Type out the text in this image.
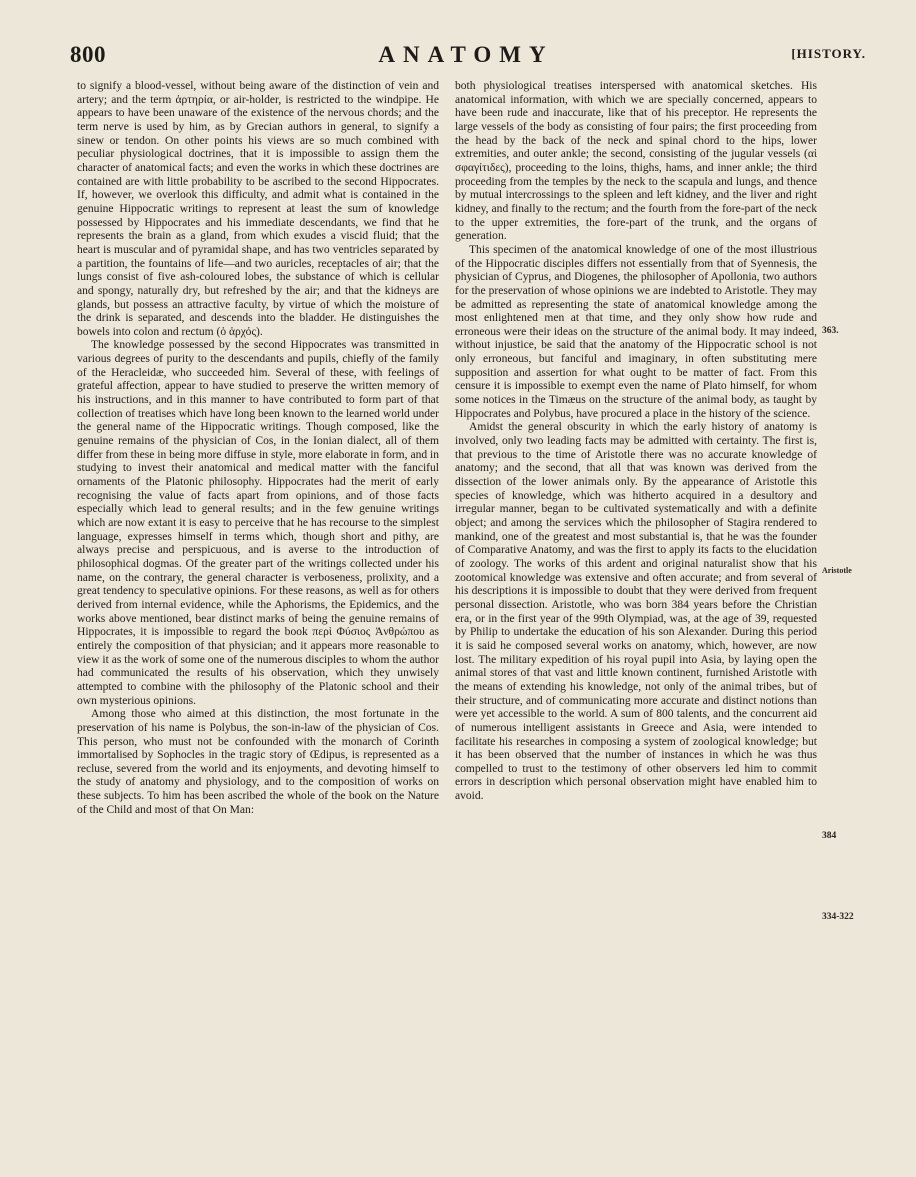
800	ANATOMY	[HISTORY.

to signify a blood-vessel, without being aware of the distinction of vein and artery; and the term ἀρτηρία, or air-holder, is restricted to the windpipe. He appears to have been unaware of the existence of the nervous chords; and the term nerve is used by him, as by Grecian authors in general, to signify a sinew or tendon. On other points his views are so much combined with peculiar physiological doctrines, that it is impossible to assign them the character of anatomical facts; and even the works in which these doctrines are contained are with little probability to be ascribed to the second Hippocrates. If, however, we overlook this difficulty, and admit what is contained in the genuine Hippocratic writings to represent at least the sum of knowledge possessed by Hippocrates and his immediate descendants, we find that he represents the brain as a gland, from which exudes a viscid fluid; that the heart is muscular and of pyramidal shape, and has two ventricles separated by a partition, the fountains of life—and two auricles, receptacles of air; that the lungs consist of five ash-coloured lobes, the substance of which is cellular and spongy, naturally dry, but refreshed by the air; and that the kidneys are glands, but possess an attractive faculty, by virtue of which the moisture of the drink is separated, and descends into the bladder. He distinguishes the bowels into colon and rectum (ὁ ἀρχός).

The knowledge possessed by the second Hippocrates was transmitted in various degrees of purity to the descendants and pupils, chiefly of the family of the Heracleidæ, who succeeded him. Several of these, with feelings of grateful affection, appear to have studied to preserve the written memory of his instructions, and in this manner to have contributed to form part of that collection of treatises which have long been known to the learned world under the general name of the Hippocratic writings. Though composed, like the genuine remains of the physician of Cos, in the Ionian dialect, all of them differ from these in being more diffuse in style, more elaborate in form, and in studying to invest their anatomical and medical matter with the fanciful ornaments of the Platonic philosophy. Hippocrates had the merit of early recognising the value of facts apart from opinions, and of those facts especially which lead to general results; and in the few genuine writings which are now extant it is easy to perceive that he has recourse to the simplest language, expresses himself in terms which, though short and pithy, are always precise and perspicuous, and is averse to the introduction of philosophical dogmas. Of the greater part of the writings collected under his name, on the contrary, the general character is verboseness, prolixity, and a great tendency to speculative opinions. For these reasons, as well as for others derived from internal evidence, while the Aphorisms, the Epidemics, and the works above mentioned, bear distinct marks of being the genuine remains of Hippocrates, it is impossible to regard the book περὶ Φύσιος Ἀνθρώπου as entirely the composition of that physician; and it appears more reasonable to view it as the work of some one of the numerous disciples to whom the author had communicated the results of his observation, which they unwisely attempted to combine with the philosophy of the Platonic school and their own mysterious opinions.

Among those who aimed at this distinction, the most fortunate in the preservation of his name is Polybus, the son-in-law of the physician of Cos. This person, who must not be confounded with the monarch of Corinth immortalised by Sophocles in the tragic story of Œdipus, is represented as a recluse, severed from the world and its enjoyments, and devoting himself to the study of anatomy and physiology, and to the composition of works on these subjects. To him has been ascribed the whole of the book on the Nature of the Child and most of that On Man:

both physiological treatises interspersed with anatomical sketches. His anatomical information, with which we are specially concerned, appears to have been rude and inaccurate, like that of his preceptor. He represents the large vessels of the body as consisting of four pairs; the first proceeding from the head by the back of the neck and spinal chord to the hips, lower extremities, and outer ankle; the second, consisting of the jugular vessels (αἱ σφαγίτιδες), proceeding to the loins, thighs, hams, and inner ankle; the third proceeding from the temples by the neck to the scapula and lungs, and thence by mutual intercrossings to the spleen and left kidney, and the liver and right kidney, and finally to the rectum; and the fourth from the fore-part of the neck to the upper extremities, the fore-part of the trunk, and the organs of generation.

This specimen of the anatomical knowledge of one of the most illustrious of the Hippocratic disciples differs not essentially from that of Syennesis, the physician of Cyprus, and Diogenes, the philosopher of Apollonia, two authors for the preservation of whose opinions we are indebted to Aristotle. They may be admitted as representing the state of anatomical knowledge among the most enlightened men at that time, and they only show how rude and erroneous were their ideas on the structure of the animal body. It may indeed, without injustice, be said that the anatomy of the Hippocratic school is not only erroneous, but fanciful and imaginary, in often substituting mere supposition and assertion for what ought to be matter of fact. From this censure it is impossible to exempt even the name of Plato himself, for whom some notices in the Timæus on the structure of the animal body, as taught by Hippocrates and Polybus, have procured a place in the history of the science.

Amidst the general obscurity in which the early history of anatomy is involved, only two leading facts may be admitted with certainty. The first is, that previous to the time of Aristotle there was no accurate knowledge of anatomy; and the second, that all that was known was derived from the dissection of the lower animals only. By the appearance of Aristotle this species of knowledge, which was hitherto acquired in a desultory and irregular manner, began to be cultivated systematically and with a definite object; and among the services which the philosopher of Stagira rendered to mankind, one of the greatest and most substantial is, that he was the founder of Comparative Anatomy, and was the first to apply its facts to the elucidation of zoology. The works of this ardent and original naturalist show that his zootomical knowledge was extensive and often accurate; and from several of his descriptions it is impossible to doubt that they were derived from frequent personal dissection. Aristotle, who was born 384 years before the Christian era, or in the first year of the 99th Olympiad, was, at the age of 39, requested by Philip to undertake the education of his son Alexander. During this period it is said he composed several works on anatomy, which, however, are now lost. The military expedition of his royal pupil into Asia, by laying open the animal stores of that vast and little known continent, furnished Aristotle with the means of extending his knowledge, not only of the animal tribes, but of their structure, and of communicating more accurate and distinct notions than were yet accessible to the world. A sum of 800 talents, and the concurrent aid of numerous intelligent assistants in Greece and Asia, were intended to facilitate his researches in composing a system of zoological knowledge; but it has been observed that the number of instances in which he was thus compelled to trust to the testimony of other observers led him to commit errors in description which personal observation might have enabled him to avoid.

363.
Aristotle
384
334-322
